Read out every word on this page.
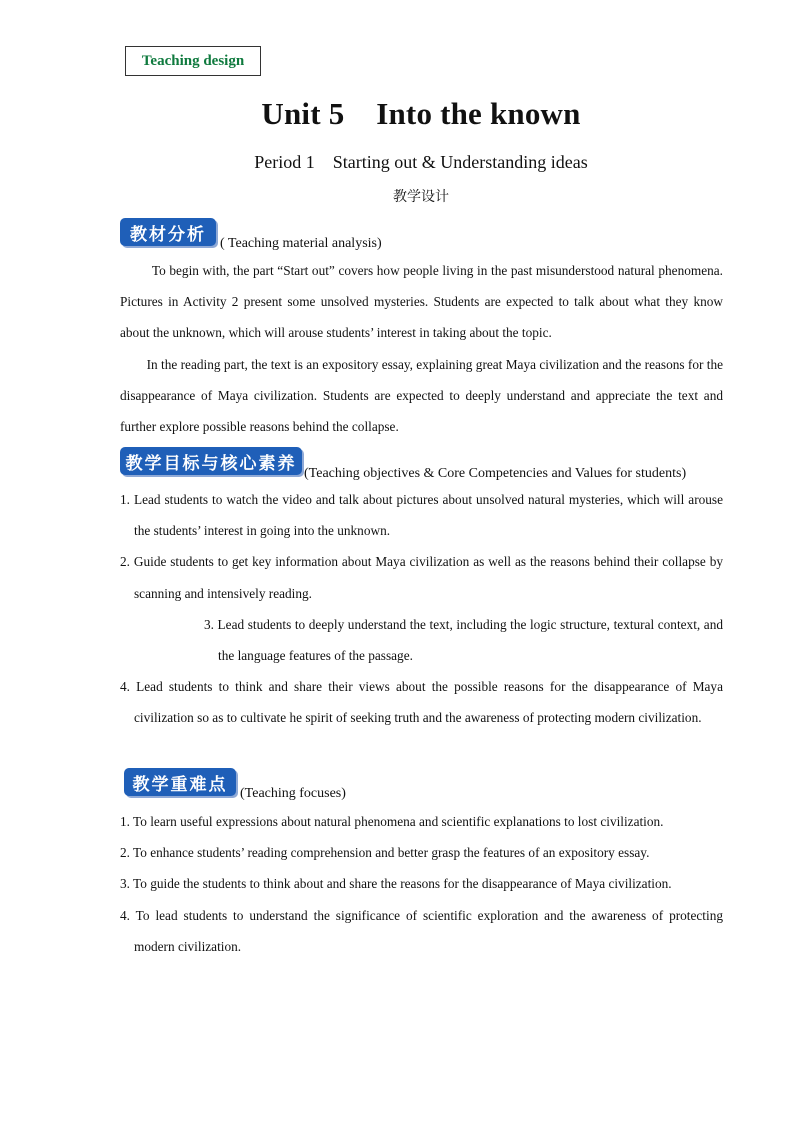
Teaching design
Unit 5    Into the known
Period 1    Starting out & Understanding ideas
教学设计
教材分析	( Teaching material analysis)

To begin with, the part “Start out” covers how people living in the past misunderstood natural phenomena. Pictures in Activity 2 present some unsolved mysteries. Students are expected to talk about what they know about the unknown, which will arouse students’ interest in taking about the topic.

In the reading part, the text is an expository essay, explaining great Maya civilization and the reasons for the disappearance of Maya civilization. Students are expected to deeply understand and appreciate the text and further explore possible reasons behind the collapse.

教学目标与核心素养 (Teaching objectives & Core Competencies and Values for students)
1. Lead students to watch the video and talk about pictures about unsolved natural mysteries, which will arouse the students’ interest in going into the unknown.
2. Guide students to get key information about Maya civilization as well as the reasons behind their collapse by scanning and intensively reading.
3. Lead students to deeply understand the text, including the logic structure, textural context, and the language features of the passage.
4. Lead students to think and share their views about the possible reasons for the disappearance of Maya civilization so as to cultivate he spirit of seeking truth and the awareness of protecting modern civilization.
教学重难点 (Teaching focuses)
1. To learn useful expressions about natural phenomena and scientific explanations to lost civilization.
2. To enhance students’ reading comprehension and better grasp the features of an expository essay.
3. To guide the students to think about and share the reasons for the disappearance of Maya civilization.
4. To lead students to understand the significance of scientific exploration and the awareness of protecting modern civilization.
